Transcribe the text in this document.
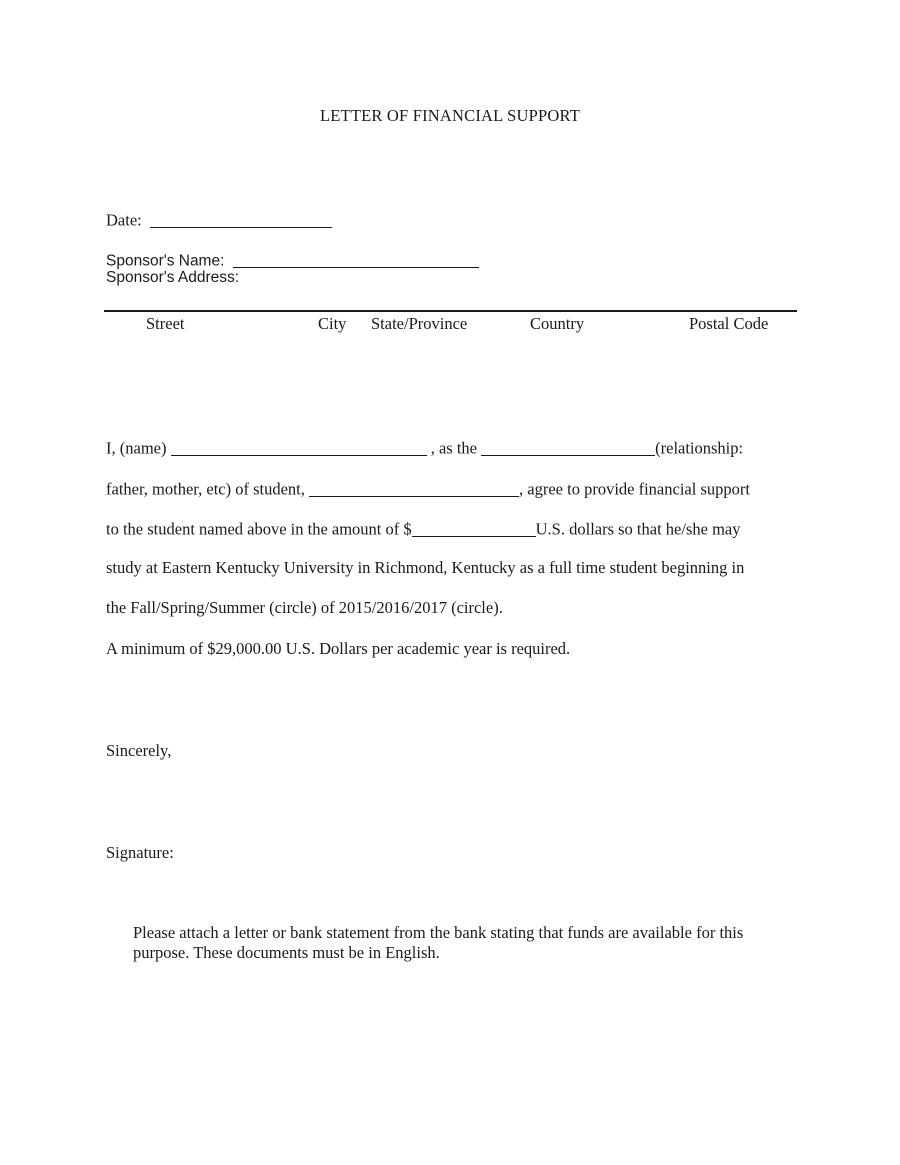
LETTER OF FINANCIAL SUPPORT
Date:
Sponsor's Name:
Sponsor's Address:
Street	City State/Province	Country	Postal Code
I, (name)	, as the	(relationship:
father, mother, etc) of student,	, agree to provide financial support
to the student named above in the amount of $	U.S. dollars so that he/she may
study at Eastern Kentucky University in Richmond, Kentucky as a full time student beginning in
the Fall/Spring/Summer (circle) of 2015/2016/2017 (circle).
A minimum of $29,000.00 U.S. Dollars per academic year is required.
Sincerely,
Signature:
Please attach a letter or bank statement from the bank stating that funds are available for this
purpose. These documents must be in English.
